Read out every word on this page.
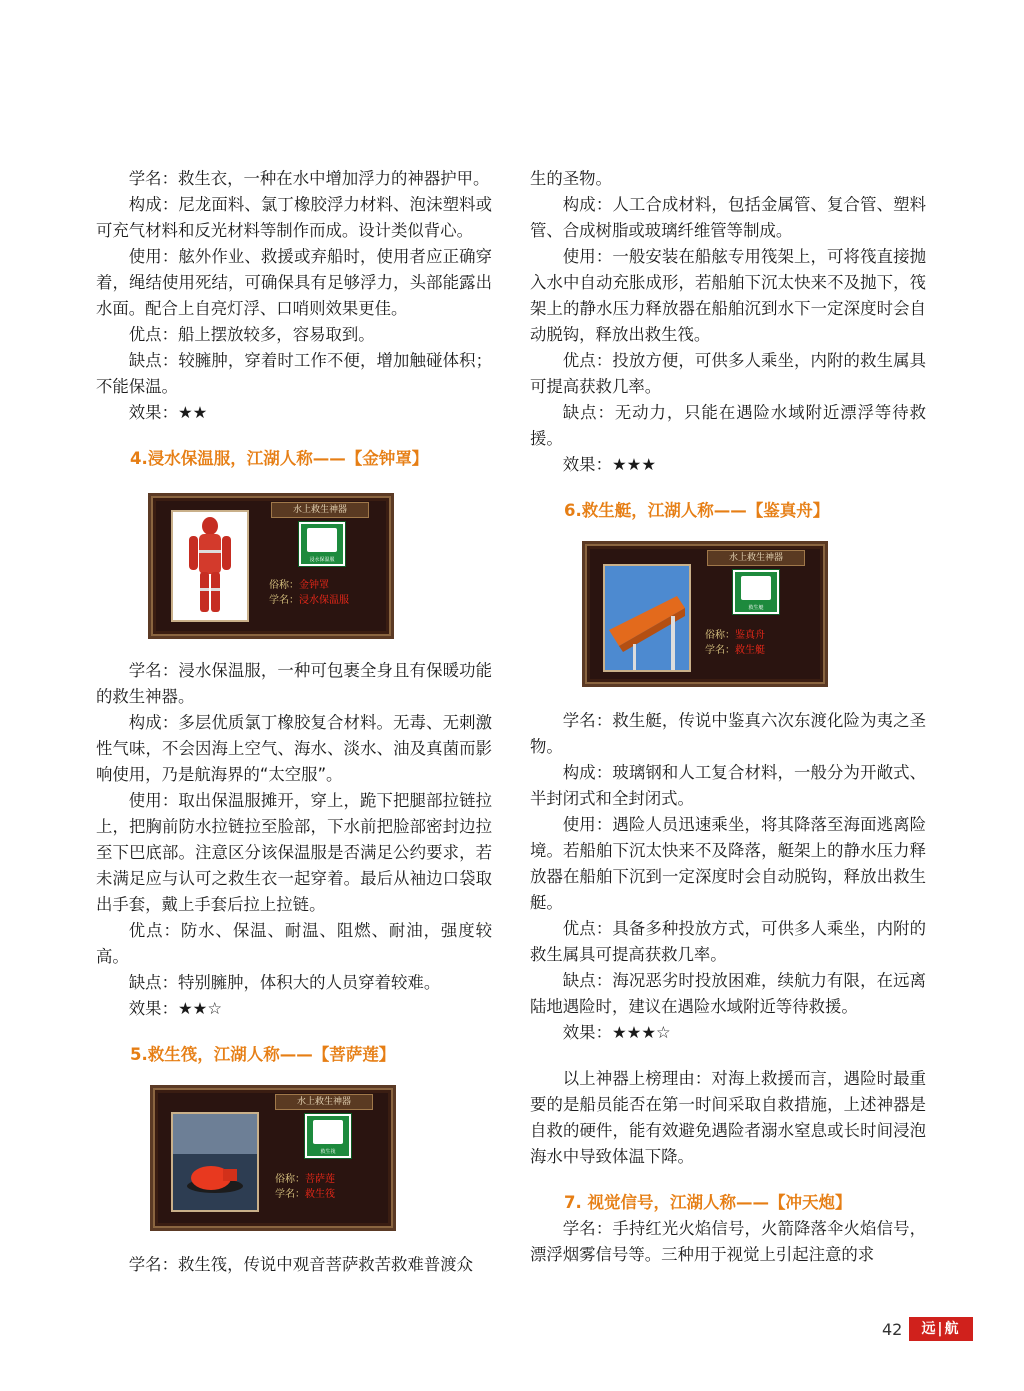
学名：救生衣，一种在水中增加浮力的神器护甲。

构成：尼龙面料、氯丁橡胶浮力材料、泡沫塑料或可充气材料和反光材料等制作而成。设计类似背心。

使用：舷外作业、救援或弃船时，使用者应正确穿着，绳结使用死结，可确保具有足够浮力，头部能露出水面。配合上自亮灯浮、口哨则效果更佳。

优点：船上摆放较多，容易取到。

缺点：较臃肿，穿着时工作不便，增加触碰体积；不能保温。

效果：★★

4.浸水保温服，江湖人称——【金钟罩】

水上救生神器
浸水保温服
俗称：金钟罩
学名：浸水保温服

学名：浸水保温服，一种可包裹全身且有保暖功能的救生神器。

构成：多层优质氯丁橡胶复合材料。无毒、无刺激性气味，不会因海上空气、海水、淡水、油及真菌而影响使用，乃是航海界的“太空服”。

使用：取出保温服摊开，穿上，跪下把腿部拉链拉上，把胸前防水拉链拉至脸部，下水前把脸部密封边拉至下巴底部。注意区分该保温服是否满足公约要求，若未满足应与认可之救生衣一起穿着。最后从袖边口袋取出手套，戴上手套后拉上拉链。

优点：防水、保温、耐温、阻燃、耐油，强度较高。

缺点：特别臃肿，体积大的人员穿着较难。

效果：★★☆

5.救生筏，江湖人称——【菩萨莲】

水上救生神器
救生筏
俗称：菩萨莲
学名：救生筏

学名：救生筏，传说中观音菩萨救苦救难普渡众

生的圣物。

构成：人工合成材料，包括金属管、复合管、塑料管、合成树脂或玻璃纤维管等制成。

使用：一般安装在船舷专用筏架上，可将筏直接抛入水中自动充胀成形，若船舶下沉太快来不及抛下，筏架上的静水压力释放器在船舶沉到水下一定深度时会自动脱钩，释放出救生筏。

优点：投放方便，可供多人乘坐，内附的救生属具可提高获救几率。

缺点：无动力，只能在遇险水域附近漂浮等待救援。

效果：★★★

6.救生艇，江湖人称——【鉴真舟】

水上救生神器
救生艇
俗称：鉴真舟
学名：救生艇

学名：救生艇，传说中鉴真六次东渡化险为夷之圣物。

构成：玻璃钢和人工复合材料，一般分为开敞式、半封闭式和全封闭式。

使用：遇险人员迅速乘坐，将其降落至海面逃离险境。若船舶下沉太快来不及降落，艇架上的静水压力释放器在船舶下沉到一定深度时会自动脱钩，释放出救生艇。

优点：具备多种投放方式，可供多人乘坐，内附的救生属具可提高获救几率。

缺点：海况恶劣时投放困难，续航力有限，在远离陆地遇险时，建议在遇险水域附近等待救援。

效果：★★★☆

以上神器上榜理由：对海上救援而言，遇险时最重要的是船员能否在第一时间采取自救措施，上述神器是自救的硬件，能有效避免遇险者溺水窒息或长时间浸泡海水中导致体温下降。

7. 视觉信号，江湖人称——【冲天炮】

学名：手持红光火焰信号，火箭降落伞火焰信号，漂浮烟雾信号等。三种用于视觉上引起注意的求

42	远|航
